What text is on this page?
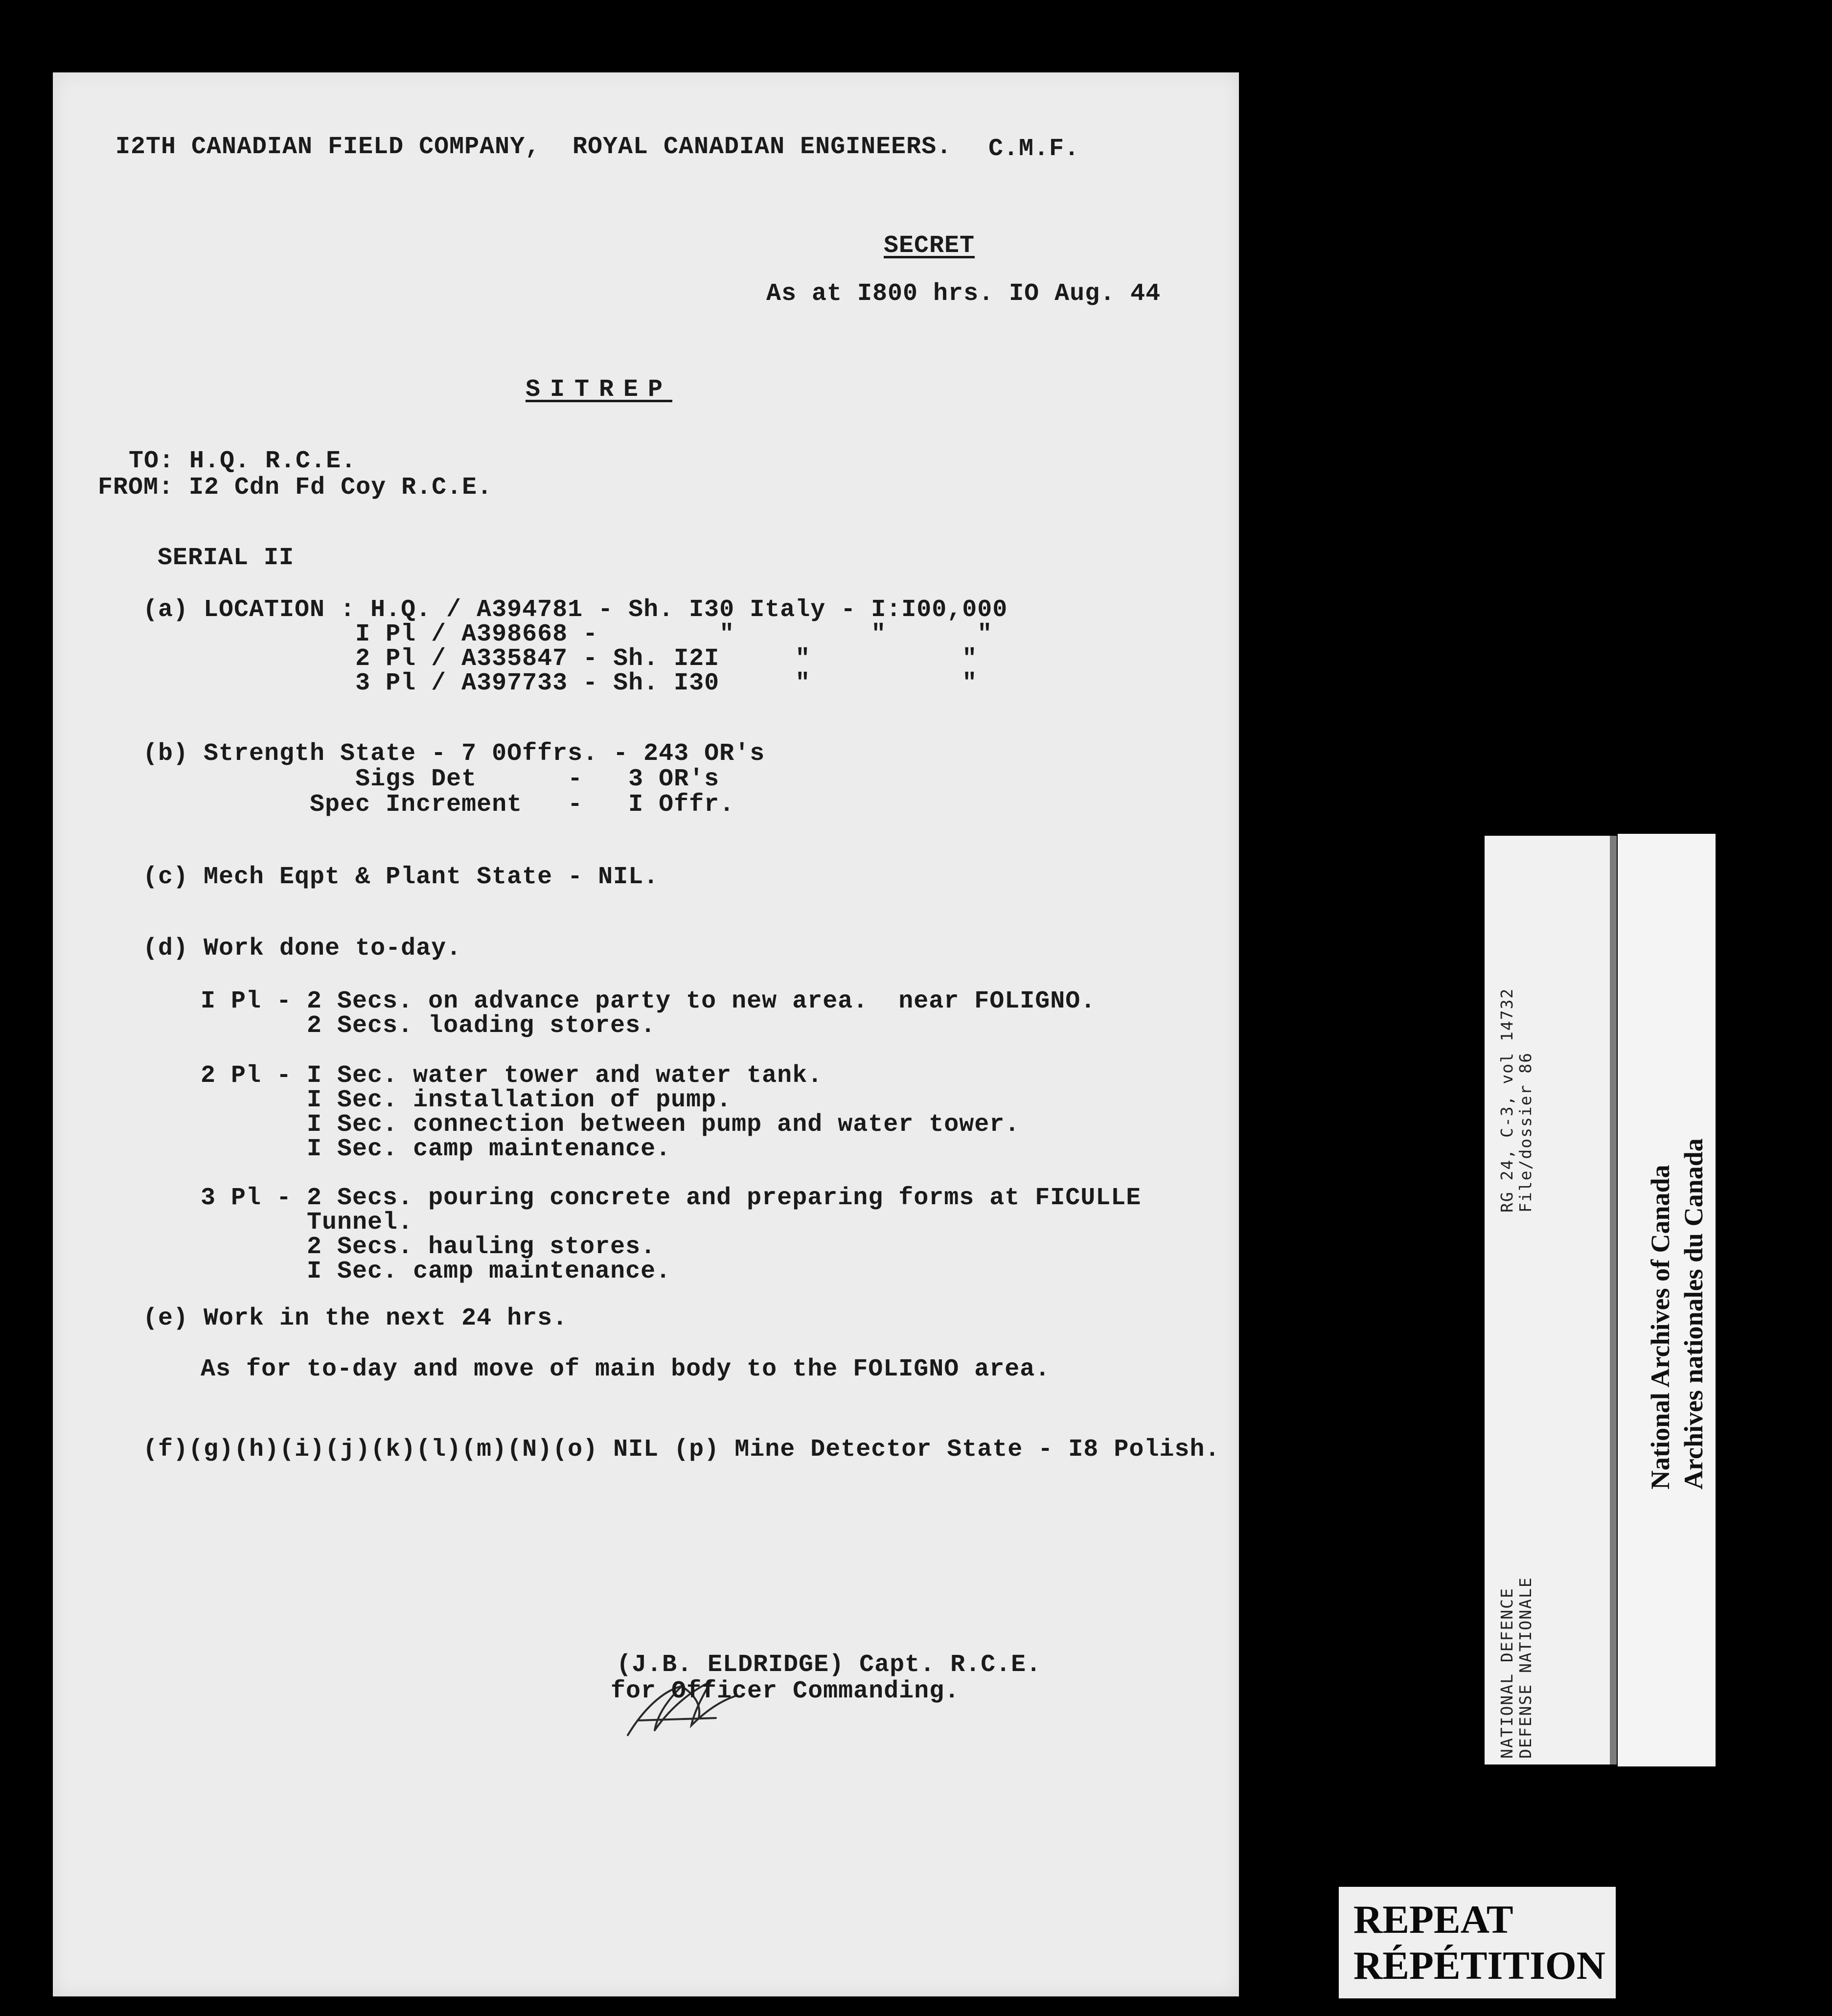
I2TH CANADIAN FIELD COMPANY, ROYAL CANADIAN ENGINEERS. C.M.F.
SECRET
As at I800 hrs. IO Aug. 44
SITREP
TO: H.Q. R.C.E.
FROM: I2 Cdn Fd Coy R.C.E.
SERIAL II
(a) LOCATION : H.Q. / A394781 - Sh. I30 Italy - I:I00,000
I Pl / A398668 -        "         "      "
2 Pl / A335847 - Sh. I2I     "          "
3 Pl / A397733 - Sh. I30     "          "
(b) Strength State - 7 0Offrs. - 243 OR's
Sigs Det      -   3 OR's
Spec Increment   -   I Offr.
(c) Mech Eqpt & Plant State - NIL.
(d) Work done to-day.
I Pl - 2 Secs. on advance party to new area.  near FOLIGNO.
2 Secs. loading stores.
2 Pl - I Sec. water tower and water tank.
I Sec. installation of pump.
I Sec. connection between pump and water tower.
I Sec. camp maintenance.
3 Pl - 2 Secs. pouring concrete and preparing forms at FICULLE
Tunnel.
2 Secs. hauling stores.
I Sec. camp maintenance.
(e) Work in the next 24 hrs.
As for to-day and move of main body to the FOLIGNO area.
(f)(g)(h)(i)(j)(k)(l)(m)(N)(o) NIL (p) Mine Detector State - I8 Polish.
(J.B. ELDRIDGE) Capt. R.C.E.
for Officer Commanding.
RG 24, C-3, vol 14732 File/dossier 86
NATIONAL DEFENCE DEFENSE NATIONALE
National Archives of Canada Archives nationales du Canada
REPEAT
RÉPÉTITION
